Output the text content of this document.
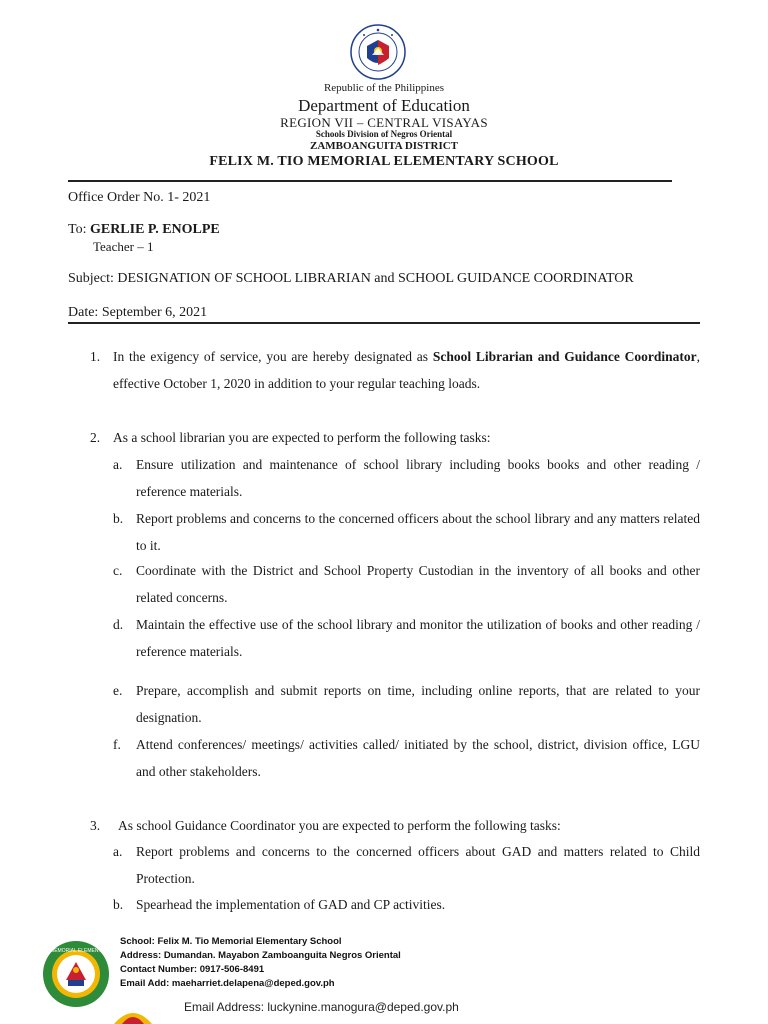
Republic of the Philippines
Department of Education
REGION VII – CENTRAL VISAYAS
Schools Division of Negros Oriental
ZAMBOANGUITA DISTRICT
FELIX M. TIO MEMORIAL ELEMENTARY SCHOOL
Office Order No. 1- 2021
To: GERLIE P. ENOLPE
Teacher – 1
Subject: DESIGNATION OF SCHOOL LIBRARIAN and SCHOOL GUIDANCE COORDINATOR
Date: September 6, 2021
1. In the exigency of service, you are hereby designated as School Librarian and Guidance Coordinator, effective October 1, 2020 in addition to your regular teaching loads.
2. As a school librarian you are expected to perform the following tasks:
a. Ensure utilization and maintenance of school library including books books and other reading / reference materials.
b. Report problems and concerns to the concerned officers about the school library and any matters related to it.
c. Coordinate with the District and School Property Custodian in the inventory of all books and other related concerns.
d. Maintain the effective use of the school library and monitor the utilization of books and other reading / reference materials.
e. Prepare, accomplish and submit reports on time, including online reports, that are related to your designation.
f. Attend conferences/ meetings/ activities called/ initiated by the school, district, division office, LGU and other stakeholders.
3. As school Guidance Coordinator you are expected to perform the following tasks:
a. Report problems and concerns to the concerned officers about GAD and matters related to Child Protection.
b. Spearhead the implementation of GAD and CP activities.
FELIX M. TIO MEMORIAL ELEMENTARY SCHOOL
School: Felix M. Tio Memorial Elementary School
Address: Dumandan. Mayabon Zamboanguita Negros Oriental
Contact Number: 0917-506-8491
Email Add: maeharriet.delapena@deped.gov.ph
Email Address: luckynine.manogura@deped.gov.ph
